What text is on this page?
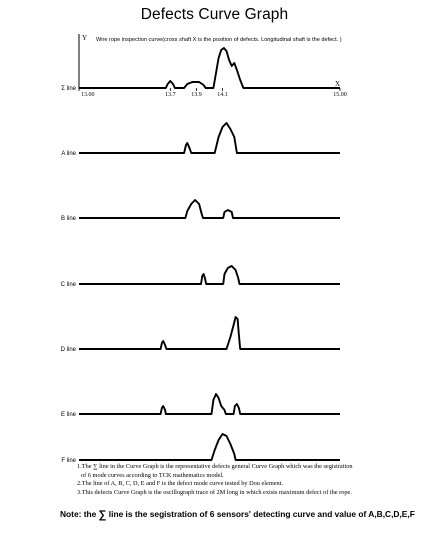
Defects Curve Graph
Y Wire rope inspection curve(cross shaft X is the position of defects. Longitudinal shaft is the defect. )
X
13.00	13.7	13.9	14.1	15.00
Σ line
A line
B line
C line
D line
E line
F line
1.The ∑ line in the Curve Graph is the representative defects general Curve Graph which was the segistration
of 6 mode curves according to TCK mathematics model.
2.The line of A, B, C, D, E and F is the defect mode curve tested by Dou element.
3.This defects Curve Graph is the oscillograph trace of 2M long in which exists maximum defect of the rope.
Note: the ∑ line is the segistration of 6 sensors' detecting curve and value of A,B,C,D,E,F
